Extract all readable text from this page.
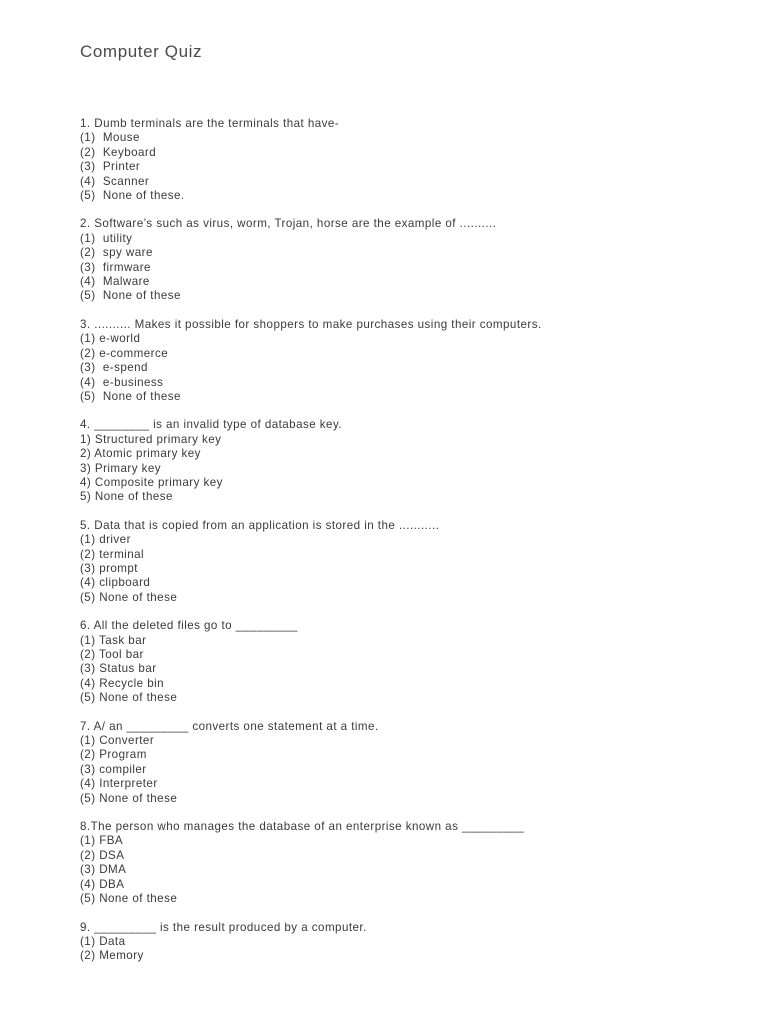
Computer Quiz
1. Dumb terminals are the terminals that have-
(1)  Mouse
(2)  Keyboard
(3)  Printer
(4)  Scanner
(5)  None of these.
2. Software’s such as virus, worm, Trojan, horse are the example of ..........
(1)  utility
(2)  spy ware
(3)  firmware
(4)  Malware
(5)  None of these
3. .......... Makes it possible for shoppers to make purchases using their computers.
(1) e-world
(2) e-commerce
(3)  e-spend
(4)  e-business
(5)  None of these
4. ________ is an invalid type of database key.
1) Structured primary key
2) Atomic primary key
3) Primary key
4) Composite primary key
5) None of these
5. Data that is copied from an application is stored in the ...........
(1) driver
(2) terminal
(3) prompt
(4) clipboard
(5) None of these
6. All the deleted files go to _________
(1) Task bar
(2) Tool bar
(3) Status bar
(4) Recycle bin
(5) None of these
7. A/ an _________ converts one statement at a time.
(1) Converter
(2) Program
(3) compiler
(4) Interpreter
(5) None of these
8.The person who manages the database of an enterprise known as _________
(1) FBA
(2) DSA
(3) DMA
(4) DBA
(5) None of these
9. _________ is the result produced by a computer.
(1) Data
(2) Memory
